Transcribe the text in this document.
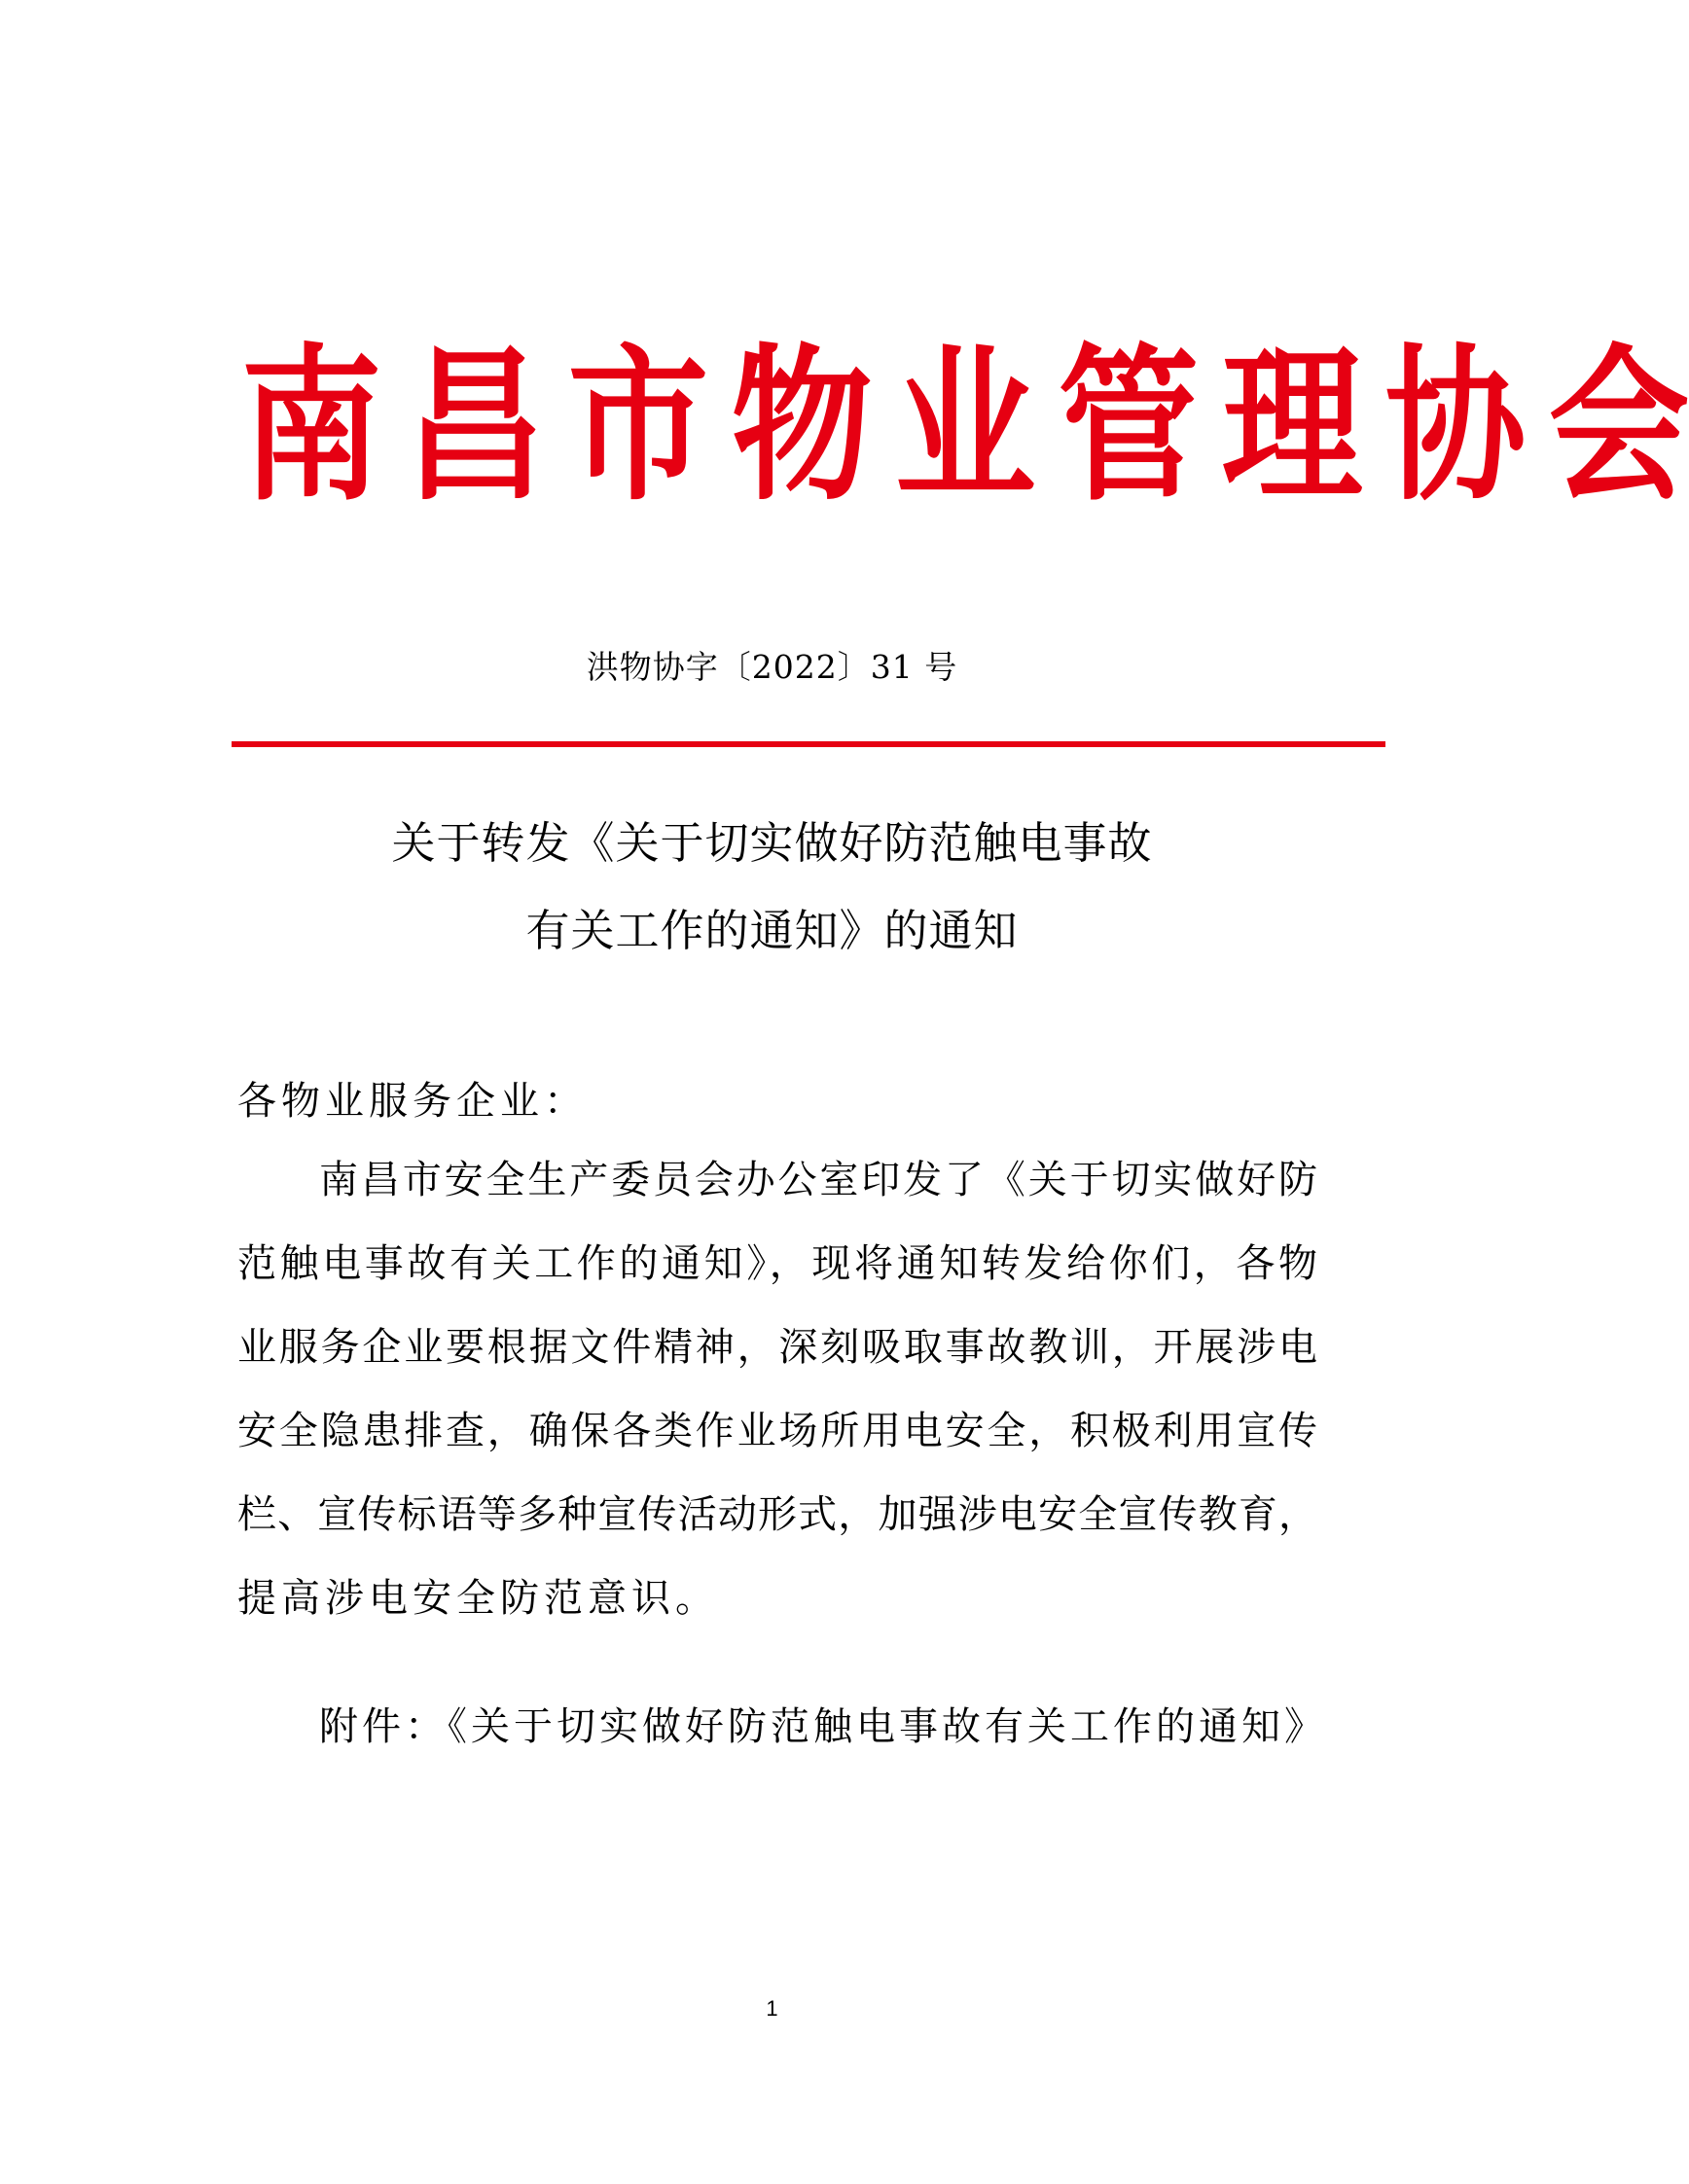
南 昌 市 物 业 管 理 协 会
洪物协字〔2022〕31 号
关于转发《关于切实做好防范触电事故
有关工作的通知》的通知
各物业服务企业：
南昌市安全生产委员会办公室印发了《关于切实做好防
范触电事故有关工作的通知》，现将通知转发给你们，各物
业服务企业要根据文件精神，深刻吸取事故教训，开展涉电
安全隐患排查，确保各类作业场所用电安全，积极利用宣传
栏、宣传标语等多种宣传活动形式，加强涉电安全宣传教育，
提高涉电安全防范意识。
附件：《关于切实做好防范触电事故有关工作的通知》
1
